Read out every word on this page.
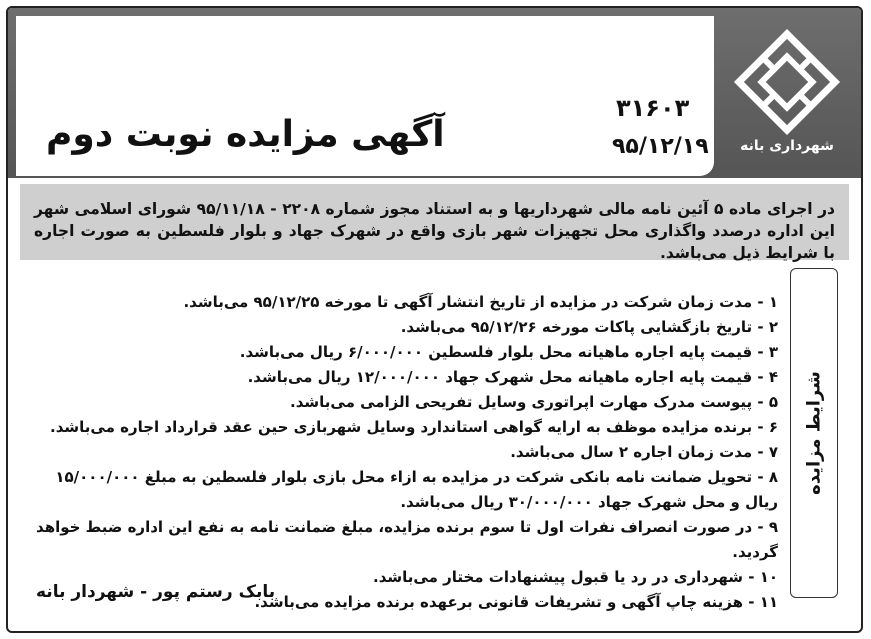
آگهی مزایده نوبت دوم
۳۱۶۰۳
۹۵/۱۲/۱۹	شهرداری بانه
در اجرای ماده ۵ آئین نامه مالی شهرداریها و به استناد مجوز شماره ۲۲۰۸ - ۹۵/۱۱/۱۸ شورای اسلامی شهر این اداره درصدد واگذاری محل تجهیزات شهر بازی واقع در شهرک جهاد و بلوار فلسطین به صورت اجاره با شرایط ذیل می‌باشد.
شرایط مزایده
۱ - مدت زمان شرکت در مزایده از تاریخ انتشار آگهی تا مورخه ۹۵/۱۲/۲۵ می‌باشد.
۲ - تاریخ بازگشایی پاکات مورخه ۹۵/۱۲/۲۶ می‌باشد.
۳ - قیمت پایه اجاره ماهیانه محل بلوار فلسطین ۶/۰۰۰/۰۰۰ ریال می‌باشد.
۴ - قیمت پایه اجاره ماهیانه محل شهرک جهاد ۱۲/۰۰۰/۰۰۰ ریال می‌باشد.
۵ - پیوست مدرک مهارت اپراتوری وسایل تفریحی الزامی می‌باشد.
۶ - برنده مزایده موظف به ارایه گواهی استاندارد وسایل شهربازی حین عقد قرارداد اجاره می‌باشد.
۷ - مدت زمان اجاره ۲ سال می‌باشد.
۸ - تحویل ضمانت نامه بانکی شرکت در مزایده به ازاء محل بازی بلوار فلسطین به مبلغ ۱۵/۰۰۰/۰۰۰ ریال و محل شهرک جهاد ۳۰/۰۰۰/۰۰۰ ریال می‌باشد.
۹ - در صورت انصراف نفرات اول تا سوم برنده مزایده، مبلغ ضمانت نامه به نفع این اداره ضبط خواهد گردید.
۱۰ - شهرداری در رد یا قبول پیشنهادات مختار می‌باشد.
۱۱ - هزینه چاپ آگهی و تشریفات قانونی برعهده برنده مزایده می‌باشد.
بابک رستم پور - شهردار بانه
